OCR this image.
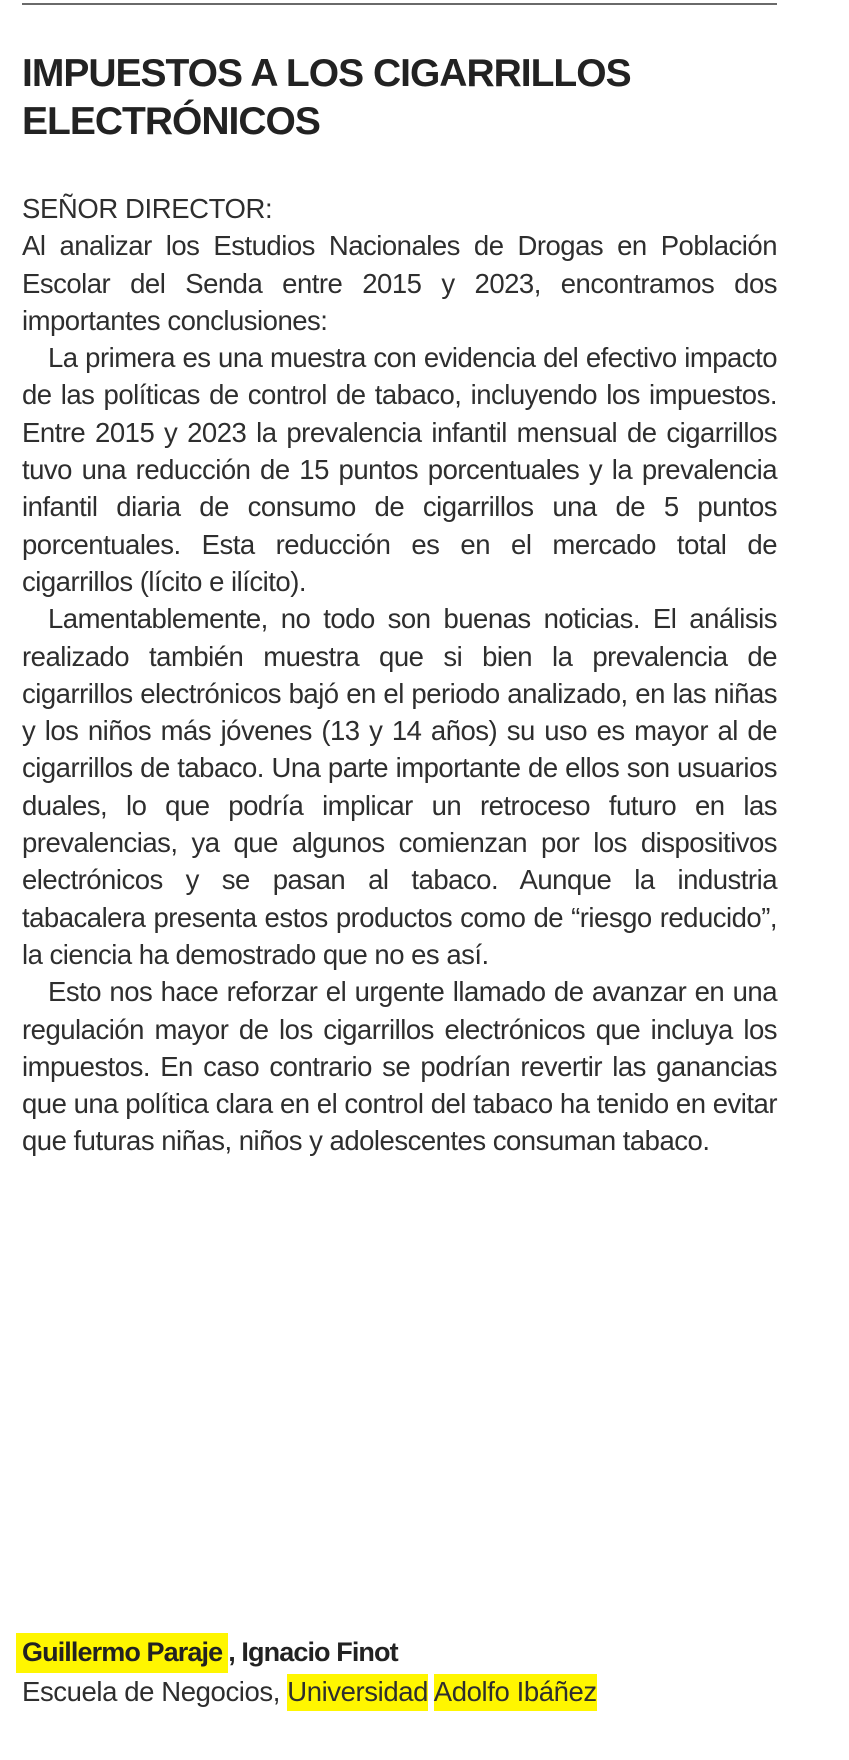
IMPUESTOS A LOS CIGARRILLOS
ELECTRÓNICOS
SEÑOR DIRECTOR:

Al analizar los Estudios Nacionales de Drogas en Población Escolar del Senda entre 2015 y 2023, encontramos dos importantes conclusiones:

La primera es una muestra con evidencia del efectivo impacto de las políticas de control de tabaco, incluyendo los impuestos. Entre 2015 y 2023 la prevalencia infantil mensual de cigarrillos tuvo una reducción de 15 puntos porcentuales y la prevalencia infantil diaria de consumo de cigarrillos una de 5 puntos porcentuales. Esta reducción es en el mercado total de cigarrillos (lícito e ilícito).

Lamentablemente, no todo son buenas noticias. El análisis realizado también muestra que si bien la prevalencia de cigarrillos electrónicos bajó en el periodo analizado, en las niñas y los niños más jóvenes (13 y 14 años) su uso es mayor al de cigarrillos de tabaco. Una parte importante de ellos son usuarios duales, lo que podría implicar un retroceso futuro en las prevalencias, ya que algunos comienzan por los dispositivos electrónicos y se pasan al tabaco. Aunque la industria tabacalera presenta estos productos como de “riesgo reducido”, la ciencia ha demostrado que no es así.

Esto nos hace reforzar el urgente llamado de avanzar en una regulación mayor de los cigarrillos electrónicos que incluya los impuestos. En caso contrario se podrían revertir las ganancias que una política clara en el control del tabaco ha tenido en evitar que futuras niñas, niños y adolescentes consuman tabaco.

Guillermo Paraje , Ignacio Finot
Escuela de Negocios, Universidad Adolfo Ibáñez
